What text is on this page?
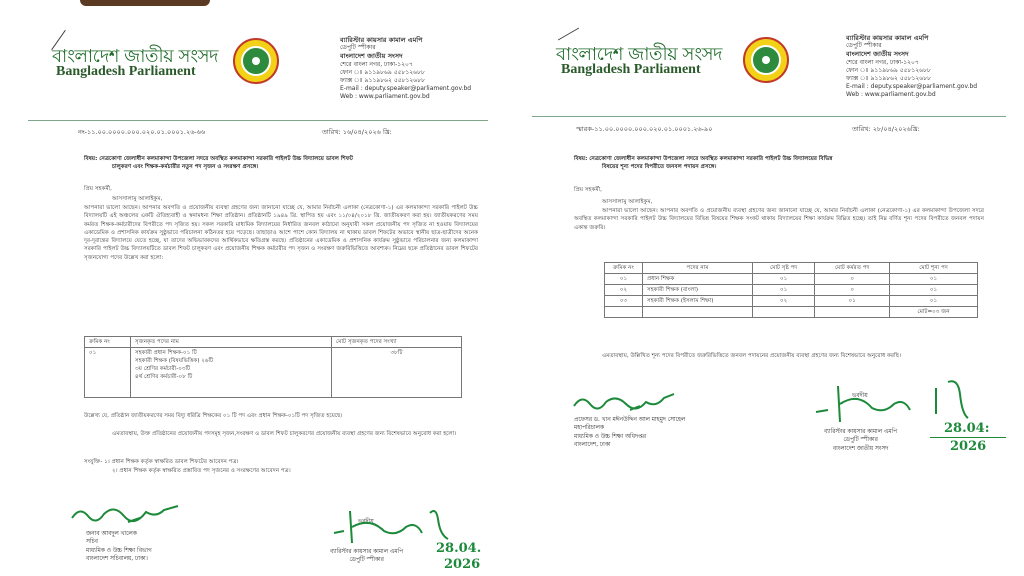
বাংলাদেশ জাতীয় সংসদ
Bangladesh Parliament
ব্যারিস্টার কায়সার কামাল এমপি
ডেপুটি স্পীকার
বাংলাদেশ জাতীয় সংসদ
শেরে বাংলা নগর, ঢাকা-১২০৭
ফোন ঃ ৯১১৯৮৬৯ ৫৫৮১২৬৮৮
ফ্যাক্স ঃ ৯১১৯৮৬২ ৫৫৮১২৬৮৮
E-mail : deputy.speaker@parliament.gov.bd
Web : www.parliament.gov.bd
নং-১১.০০.০০০০.০০০.০২০.০১.০০০১.২৬-৬৬	তারিখ: ১৬/০৪/২০২৬ খ্রি:
বিষয়: নেত্রকোণা জেলাধীন কলমাকান্দা উপজেলা সদরে অবস্থিত কলমাকান্দা সরকারি পাইলট উচ্চ বিদ্যালয়ে ডাবল শিফট
চালুকরণ এবং শিক্ষক-কর্মচারীর নতুন পদ সৃজন ও সংরক্ষণ প্রসঙ্গে।
প্রিয় সহকর্মী,
আসসালামু আলাইকুম,
আপনারা ভালো আছেন। আপনার অবগতি ও প্রয়োজনীয় ব্যবস্থা গ্রহণের জন্য জানানো যাচ্ছে যে, আমার নির্বাচনী এলাকা (নেত্রকোণা-১) এর কলমাকান্দা সরকারি পাইলট উচ্চ বিদ্যালয়টি এই অঞ্চলের একটি ঐতিহ্যবাহী ও স্বনামধন্য শিক্ষা প্রতিষ্ঠান। প্রতিষ্ঠানটি ১৯৪৯ খ্রি. স্থাপিত হয় এবং ১১/০৪/২০১৮ খ্রি. জাতীয়করণ করা হয়। জাতীয়করণের সময় কর্মরত শিক্ষক-কর্মচারীদের বিপরীতে পদ সৃজিত হয়। সকল সরকারি মাধ্যমিক বিদ্যালয়ের নির্ধারিত জনবল কাঠামো অনুযায়ী সকল প্রয়োজনীয় পদ সৃজিত না হওয়ায় বিদ্যালয়ের একাডেমিক ও প্রশাসনিক কার্যক্রম সুষ্ঠুভাবে পরিচালনা কঠিনতর হয়ে পড়েছে। তাছাড়াও আশে পাশে কোন বিদ্যালয় না থাকায় ডাবল শিফটের অভাবে স্থানীয় ছাত্র-ছাত্রীদের অনেক দূর-দূরান্তের বিদ্যালয়ে যেতে হচ্ছে, যা তাদের অভিভাবকদের আর্থিকভাবে ক্ষতিগ্রস্ত করছে। প্রতিষ্ঠানের একাডেমিক ও প্রশাসনিক কার্যক্রম সুষ্ঠুভাবে পরিচালনার জন্য কলমাকান্দা সরকারি পাইলট উচ্চ বিদ্যালয়টিতে ডাবল শিফট চালুকরণ এবং প্রয়োজনীয় শিক্ষক কর্মচারীর পদ সৃজন ও সংরক্ষণ জরুরিভিত্তিতে আবশ্যক। নিম্নের ছকে প্রতিষ্ঠানের ডাবল শিফটের সৃজনযোগ্য পদের উল্লেখ করা হলো:
ক্রমিক নং	সৃজনকৃত পদের নাম	মোট সৃজনকৃত পদের সংখ্যা
০১	সহকারী প্রধান শিক্ষক-০১ টি
সহকারী শিক্ষক (বিষয়ভিত্তিক) ২৬টি
৩য় শ্রেণির কর্মচারী-০৩টি
৪র্থ শ্রেণির কর্মচারী-০৮ টি	৩৮টি
উল্লেখ্য যে, প্রতিষ্ঠান জাতীয়করণের সময় বিদ্যু ধরিত্রি শিক্ষকের ০১ টি পদ এবং প্রধান শিক্ষক-০১টি পদ সৃজিত হয়েছে।
এমতাবস্থায়, উক্ত প্রতিষ্ঠানের প্রয়োজনীয় পদসমূহ সৃজন,সংরক্ষণ ও ডাবল শিফট চালুকরণের প্রয়োজনীয় ব্যবস্থা গ্রহণের জন্য বিশেষভাবে অনুরোধ করা হলো।
সংযুক্তি- ১। প্রধান শিক্ষক কর্তৃক স্বাক্ষরিত ডাবল শিফটের আবেদন পত্র।
২। প্রধান শিক্ষক কর্তৃক স্বাক্ষরিত প্রস্তাবিত পদ সৃজনের ও সংরক্ষণের আবেদন পত্র।
জনাব আবদুল খালেক
সচিব
মাধ্যমিক ও উচ্চ শিক্ষা বিভাগ
বাংলাদেশ সচিবালয়, ঢাকা।
ভবদীয়
ব্যারিস্টার কায়সার কামাল এমপি
ডেপুটি স্পীকার
28.04.
2026
বাংলাদেশ জাতীয় সংসদ
Bangladesh Parliament
ব্যারিস্টার কায়সার কামাল এমপি
ডেপুটি স্পীকার
বাংলাদেশ জাতীয় সংসদ
শেরে বাংলা নগর, ঢাকা-১২০৭
ফোন ঃ ৯১১৯৮৬৯ ৫৫৮১২৬৮৮
ফ্যাক্স ঃ ৯১১৯৮৬২ ৫৫৮১২৬৮৮
E-mail : deputy.speaker@parliament.gov.bd
Web : www.parliament.gov.bd
স্মারক-১১.০০.০০০০.০০০.০২০.০১.০০০১.২৬-৯০	তারিখ: ২৮/০৪/২০২৬খ্রি:
বিষয়: নেত্রকোণা জেলাধীন কলমাকান্দা উপজেলা সদরে অবস্থিত কলমাকান্দা সরকারি পাইলট উচ্চ বিদ্যালয়ের বিভিন্ন
বিষয়ের শূন্য পদের বিপরীতে জনবল পদায়ন প্রসঙ্গে।
প্রিয় সহকর্মী,
আসসালামু আলাইকুম,
আপনারা ভালো আছেন। আপনার অবগতি ও প্রয়োজনীয় ব্যবস্থা গ্রহণের জন্য জানানো যাচ্ছে যে, আমার নির্বাচনী এলাকা (নেত্রকোণা-১) এর কলমাকান্দা উপজেলা সদরে অবস্থিত কলমাকান্দা সরকারি পাইলট উচ্চ বিদ্যালয়ের বিভিন্ন বিষয়ের শিক্ষক সংকট থাকায় বিদ্যালয়ের শিক্ষা কার্যক্রম বিঘ্নিত হচ্ছে। তাই নিম্ন বর্ণিত শূন্য পদের বিপরীতে জনবল পদায়ন একান্ত জরুরি।
ক্রমিক নং	পদের নাম	মোট সৃষ্ট পদ	মোট কর্মরত পদ	মোট শূন্য পদ
০১	প্রধান শিক্ষক	০১	০	০১
০২	সহকারী শিক্ষক (বাংলা)	০১	০	০১
০৩	সহকারী শিক্ষক (ইসলাম শিক্ষা)	০২	০১	০১
				মোট=০৩ জন
এমতাবস্থায়, উল্লিখিত শূন্য পদের বিপরীতে জরুরিভিত্তিতে জনবল পদায়নের প্রয়োজনীয় ব্যবস্থা গ্রহণের জন্য বিশেষভাবে অনুরোধ করছি।
প্রফেসর ড. খান মঈনউদ্দিন আল মাহমুদ সোহেল
মহাপরিচালক
মাধ্যমিক ও উচ্চ শিক্ষা অধিদপ্তর
বাংলাদেশ, ঢাকা
ভবদীয়
ব্যারিস্টার কায়সার কামাল এমপি
ডেপুটি স্পীকার
বাংলাদেশ জাতীয় সংসদ
28.04:
2026
